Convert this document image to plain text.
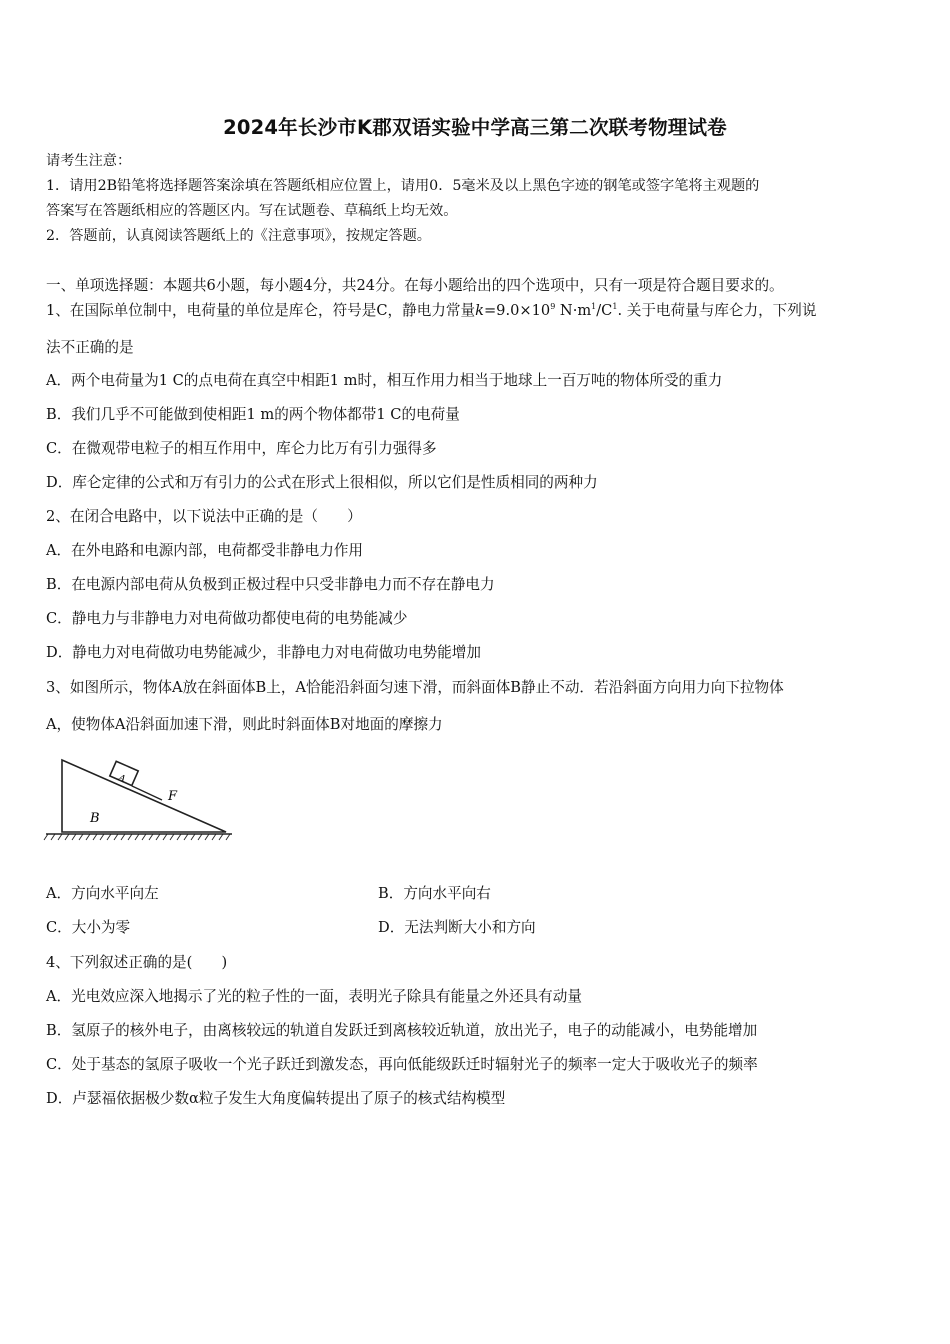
2024年长沙市K郡双语实验中学高三第二次联考物理试卷
请考生注意：
1．请用2B铅笔将选择题答案涂填在答题纸相应位置上，请用0．5毫米及以上黑色字迹的钢笔或签字笔将主观题的
答案写在答题纸相应的答题区内。写在试题卷、草稿纸上均无效。
2．答题前，认真阅读答题纸上的《注意事项》，按规定答题。
一、单项选择题：本题共6小题，每小题4分，共24分。在每小题给出的四个选项中，只有一项是符合题目要求的。
1、在国际单位制中，电荷量的单位是库仑，符号是C，静电力常量$k=9.0\times 10^9$ $N\cdot m^1/C^1$. 关于电荷量与库仑力，下列说
法不正确的是
A．两个电荷量为1 C的点电荷在真空中相距1 m时，相互作用力相当于地球上一百万吨的物体所受的重力
B．我们几乎不可能做到使相距1 m的两个物体都带1 C的电荷量
C．在微观带电粒子的相互作用中，库仑力比万有引力强得多
D．库仑定律的公式和万有引力的公式在形式上很相似，所以它们是性质相同的两种力
2、在闭合电路中，以下说法中正确的是（　　）
A．在外电路和电源内部，电荷都受非静电力作用
B．在电源内部电荷从负极到正极过程中只受非静电力而不存在静电力
C．静电力与非静电力对电荷做功都使电荷的电势能减少
D．静电力对电荷做功电势能减少，非静电力对电荷做功电势能增加
3、如图所示，物体A放在斜面体B上，A恰能沿斜面匀速下滑，而斜面体B静止不动．若沿斜面方向用力向下拉物体
A，使物体A沿斜面加速下滑，则此时斜面体B对地面的摩擦力
A
F
B
A．方向水平向左	B．方向水平向右
C．大小为零	D．无法判断大小和方向
4、下列叙述正确的是(　　)
A．光电效应深入地揭示了光的粒子性的一面，表明光子除具有能量之外还具有动量
B．氢原子的核外电子，由离核较远的轨道自发跃迁到离核较近轨道，放出光子，电子的动能减小，电势能增加
C．处于基态的氢原子吸收一个光子跃迁到激发态，再向低能级跃迁时辐射光子的频率一定大于吸收光子的频率
D．卢瑟福依据极少数α粒子发生大角度偏转提出了原子的核式结构模型
